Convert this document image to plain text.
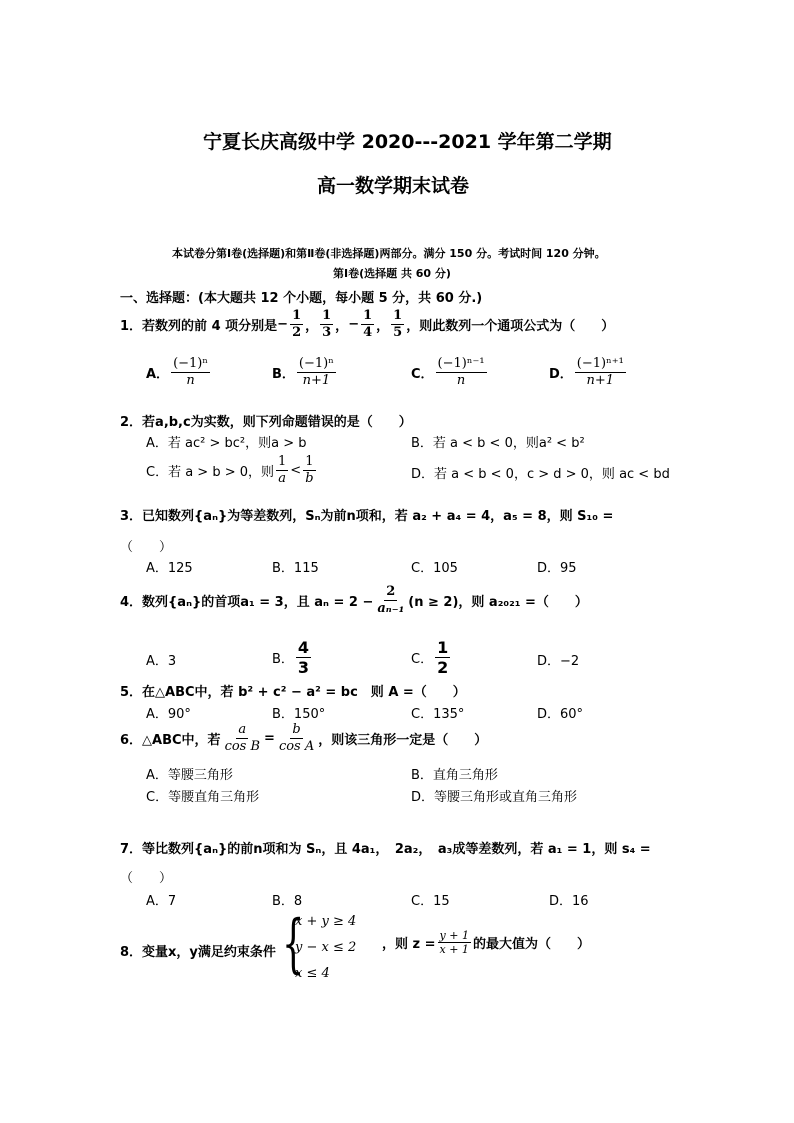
宁夏长庆高级中学 2020---2021 学年第二学期
高一数学期末试卷
本试卷分第Ⅰ卷(选择题)和第Ⅱ卷(非选择题)两部分。满分 150 分。考试时间 120 分钟。
第Ⅰ卷(选择题 共 60 分)
一、选择题：(本大题共 12 个小题，每小题 5 分，共 60 分.)
1．若数列的前 4 项分别是 − $\frac{1}{2}$ ， $\frac{1}{3}$ ， − $\frac{1}{4}$ ， $\frac{1}{5}$ ，则此数列一个通项公式为（　　）
A． $\frac{\text{(−1)ⁿ}}{n}$	B． $\frac{\text{(−1)ⁿ}}{n+1}$	C． $\frac{\text{(−1)ⁿ⁻¹}}{n}$	D． $\frac{\text{(−1)ⁿ⁺¹}}{n+1}$
2．若a,b,c为实数，则下列命题错误的是（　　）
A．若 ac² > bc²，则a > b	B．若 a < b < 0，则a² < b²
C．若 a > b > 0，则 $\frac{1}{a} < \frac{1}{b}$	D．若 a < b < 0，c > d > 0，则 ac < bd
3．已知数列{aₙ}为等差数列，Sₙ为前n项和，若 a₂ + a₄ = 4，a₅ = 8，则 S₁₀ =
（　　）
A．125	B．115	C．105	D．95
4．数列{aₙ}的首项a₁ = 3，且 $a_n = 2 - \frac{2}{\text{aₙ₋₁}} (n \ge 2)$，则 a₂₀₂₁ =（　　）
A．3	B． $\frac{4}{3}$	C． $\frac{1}{2}$	D．−2
5．在△ABC中，若 b² + c² − a² = bc　则 A =（　　）
A．90°	B．150°	C．135°	D．60°
6．△ABC中，若 $\frac{a}{\text{cos B}} = \frac{b}{\text{cos A}}$ ，则该三角形一定是（　　）
A．等腰三角形	B．直角三角形
C．等腰直角三角形	D．等腰三角形或直角三角形
7．等比数列{aₙ}的前n项和为 Sₙ，且 4a₁，　2a₂，　a₃成等差数列，若 a₁ = 1，则 s₄ =
（　　）
A．7	B．8	C．15	D．16
8．变量x，y满足约束条件 {
x + y ≥ 4
y − x ≤ 2
x ≤ 4
，则 $z = \frac{y + 1}{x + 1}$ 的最大值为（　　）
